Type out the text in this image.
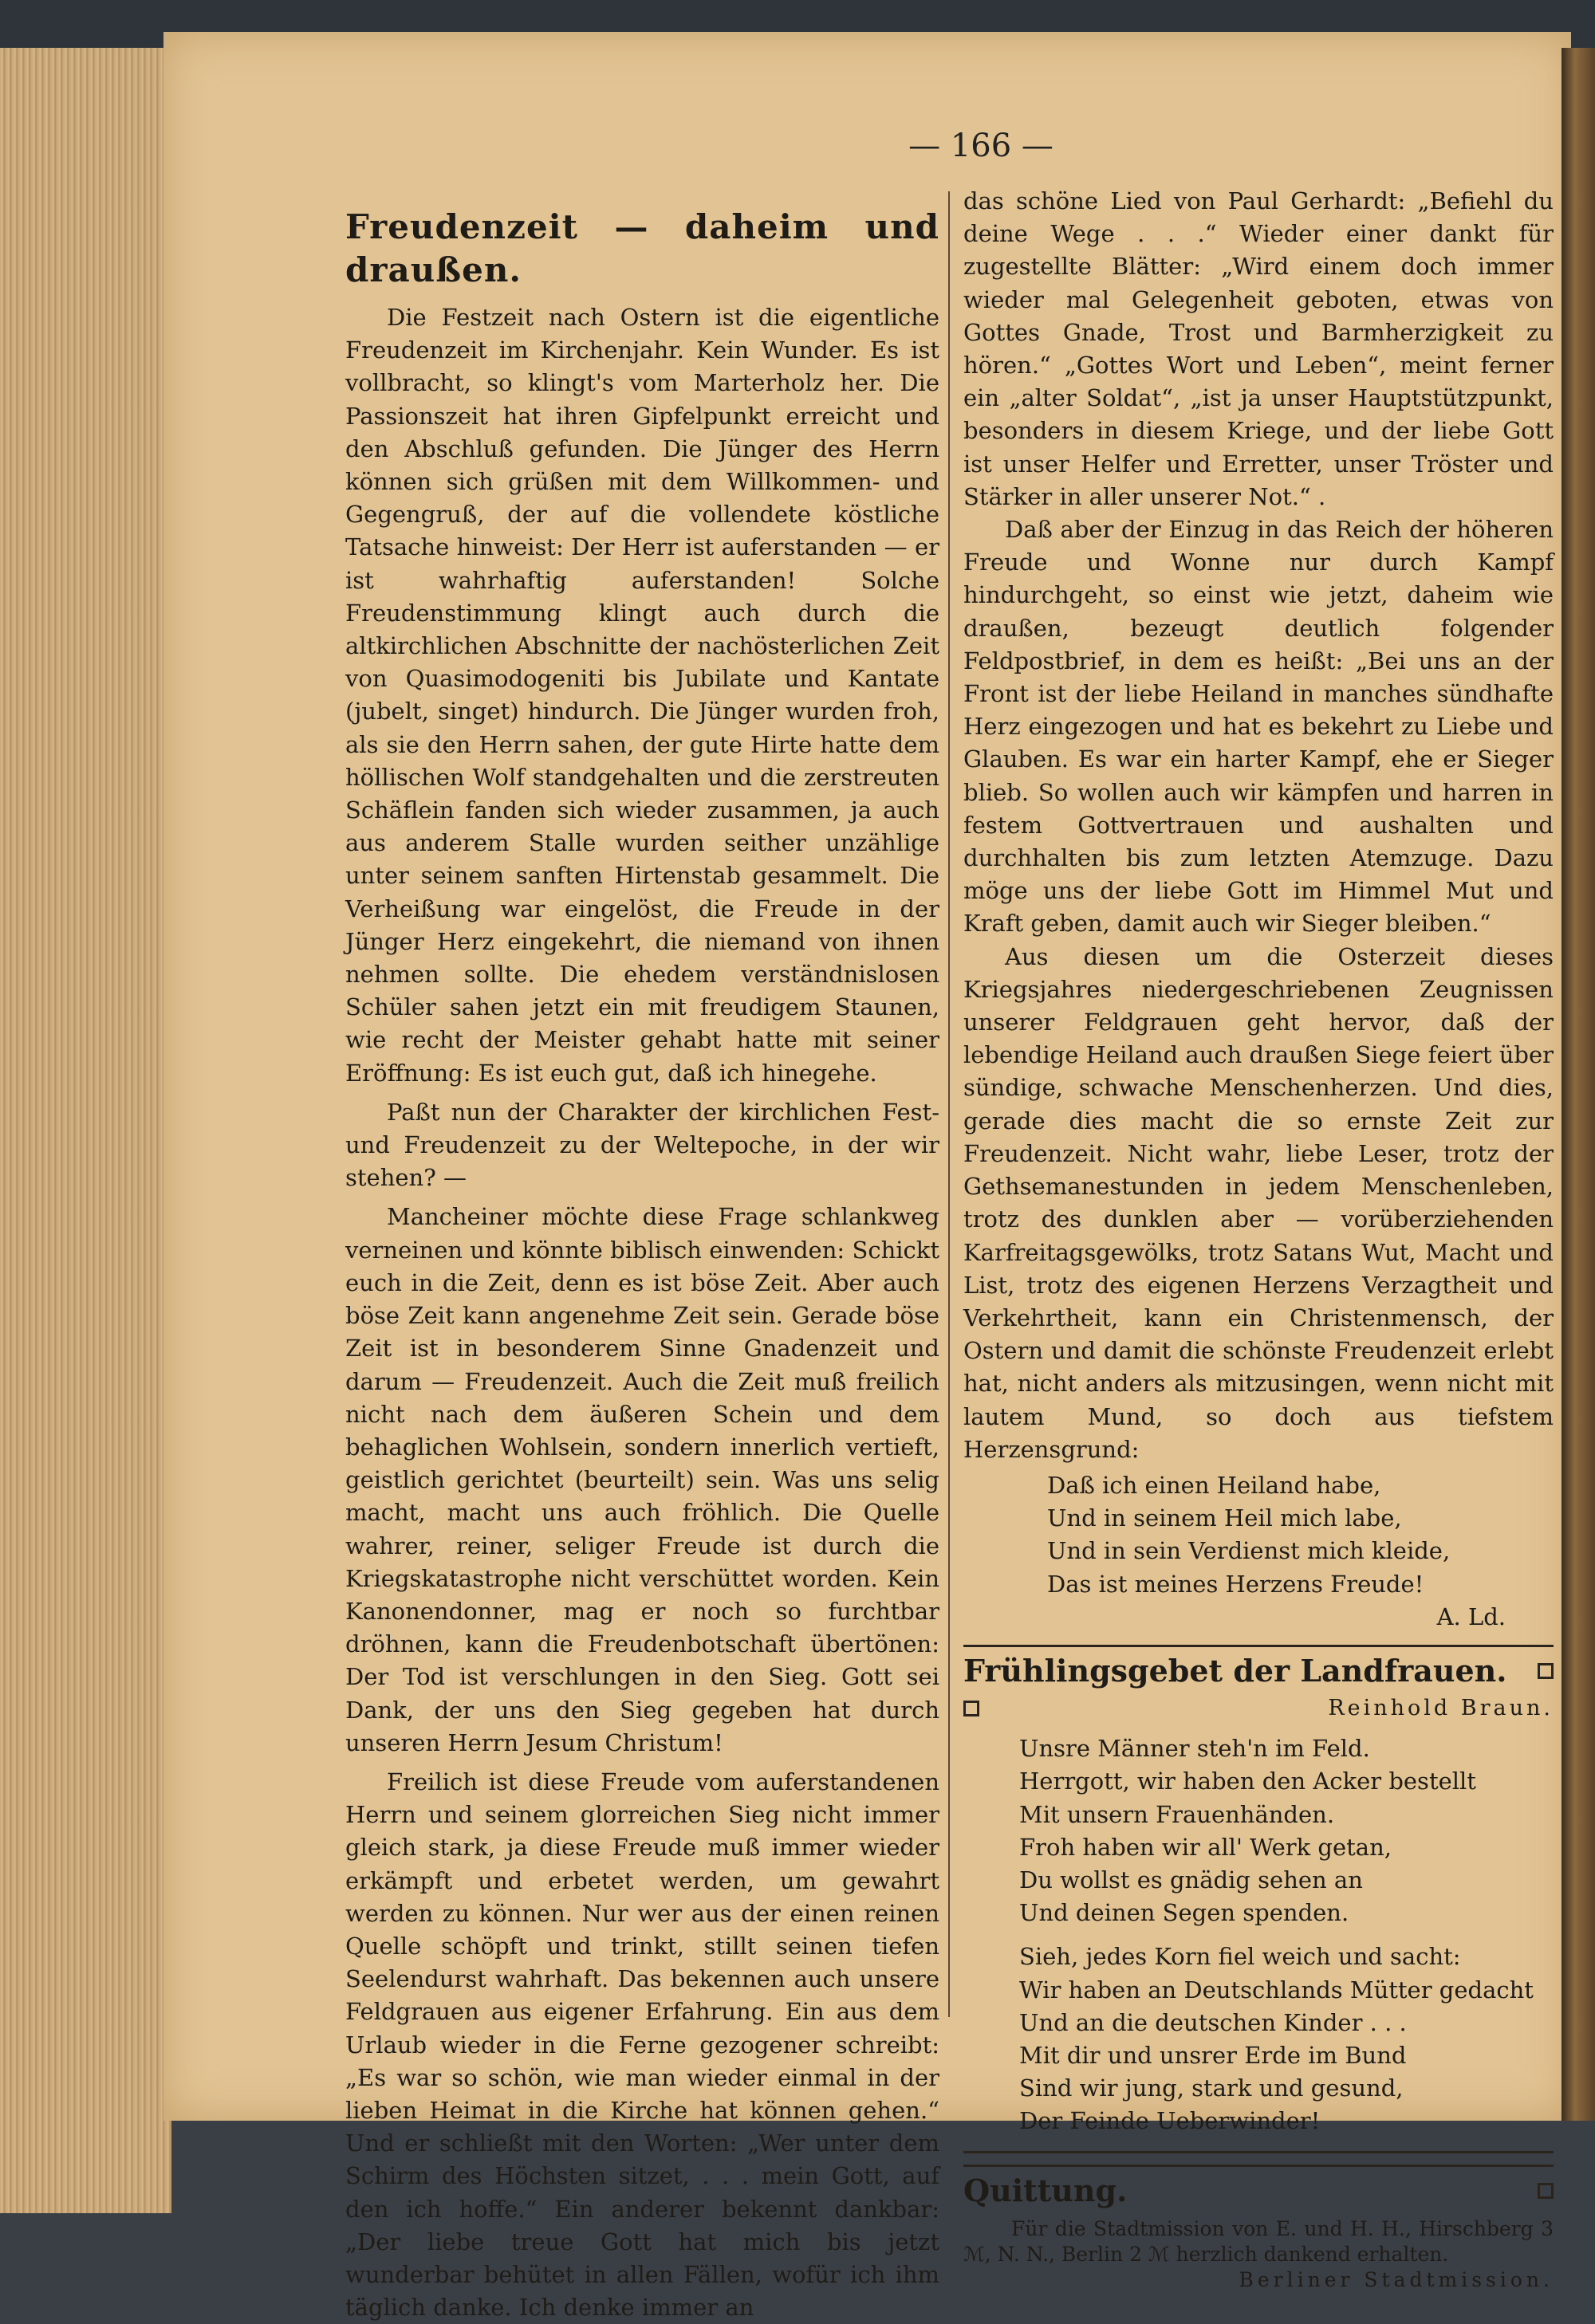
— 166 —
Freudenzeit — daheim und draußen.

Die Festzeit nach Ostern ist die eigentliche Freudenzeit im Kirchenjahr. Kein Wunder. Es ist vollbracht, so klingt's vom Marterholz her. Die Passionszeit hat ihren Gipfelpunkt erreicht und den Abschluß gefunden. Die Jünger des Herrn können sich grüßen mit dem Willkommen- und Gegengruß, der auf die vollendete köstliche Tatsache hinweist: Der Herr ist auferstanden — er ist wahrhaftig auferstanden! Solche Freudenstimmung klingt auch durch die altkirchlichen Abschnitte der nachösterlichen Zeit von Quasimodogeniti bis Jubilate und Kantate (jubelt, singet) hindurch. Die Jünger wurden froh, als sie den Herrn sahen, der gute Hirte hatte dem höllischen Wolf standgehalten und die zerstreuten Schäflein fanden sich wieder zusammen, ja auch aus anderem Stalle wurden seither unzählige unter seinem sanften Hirtenstab gesammelt. Die Verheißung war eingelöst, die Freude in der Jünger Herz eingekehrt, die niemand von ihnen nehmen sollte. Die ehedem verständnislosen Schüler sahen jetzt ein mit freudigem Staunen, wie recht der Meister gehabt hatte mit seiner Eröffnung: Es ist euch gut, daß ich hinegehe.

Paßt nun der Charakter der kirchlichen Fest- und Freudenzeit zu der Weltepoche, in der wir stehen? —

Mancheiner möchte diese Frage schlankweg verneinen und könnte biblisch einwenden: Schickt euch in die Zeit, denn es ist böse Zeit. Aber auch böse Zeit kann angenehme Zeit sein. Gerade böse Zeit ist in besonderem Sinne Gnadenzeit und darum — Freudenzeit. Auch die Zeit muß freilich nicht nach dem äußeren Schein und dem behaglichen Wohlsein, sondern innerlich vertieft, geistlich gerichtet (beurteilt) sein. Was uns selig macht, macht uns auch fröhlich. Die Quelle wahrer, reiner, seliger Freude ist durch die Kriegskatastrophe nicht verschüttet worden. Kein Kanonendonner, mag er noch so furchtbar dröhnen, kann die Freudenbotschaft übertönen: Der Tod ist verschlungen in den Sieg. Gott sei Dank, der uns den Sieg gegeben hat durch unseren Herrn Jesum Christum!

Freilich ist diese Freude vom auferstandenen Herrn und seinem glorreichen Sieg nicht immer gleich stark, ja diese Freude muß immer wieder erkämpft und erbetet werden, um gewahrt werden zu können. Nur wer aus der einen reinen Quelle schöpft und trinkt, stillt seinen tiefen Seelendurst wahrhaft. Das bekennen auch unsere Feldgrauen aus eigener Erfahrung. Ein aus dem Urlaub wieder in die Ferne gezogener schreibt: „Es war so schön, wie man wieder einmal in der lieben Heimat in die Kirche hat können gehen.“ Und er schließt mit den Worten: „Wer unter dem Schirm des Höchsten sitzet, . . . mein Gott, auf den ich hoffe.“ Ein anderer bekennt dankbar: „Der liebe treue Gott hat mich bis jetzt wunderbar behütet in allen Fällen, wofür ich ihm täglich danke. Ich denke immer an

das schöne Lied von Paul Gerhardt: „Befiehl du deine Wege . . .“ Wieder einer dankt für zugestellte Blätter: „Wird einem doch immer wieder mal Gelegenheit geboten, etwas von Gottes Gnade, Trost und Barmherzigkeit zu hören.“ „Gottes Wort und Leben“, meint ferner ein „alter Soldat“, „ist ja unser Hauptstützpunkt, besonders in diesem Kriege, und der liebe Gott ist unser Helfer und Erretter, unser Tröster und Stärker in aller unserer Not.“ .

Daß aber der Einzug in das Reich der höheren Freude und Wonne nur durch Kampf hindurchgeht, so einst wie jetzt, daheim wie draußen, bezeugt deutlich folgender Feldpostbrief, in dem es heißt: „Bei uns an der Front ist der liebe Heiland in manches sündhafte Herz eingezogen und hat es bekehrt zu Liebe und Glauben. Es war ein harter Kampf, ehe er Sieger blieb. So wollen auch wir kämpfen und harren in festem Gottvertrauen und aushalten und durchhalten bis zum letzten Atemzuge. Dazu möge uns der liebe Gott im Himmel Mut und Kraft geben, damit auch wir Sieger bleiben.“

Aus diesen um die Osterzeit dieses Kriegsjahres niedergeschriebenen Zeugnissen unserer Feldgrauen geht hervor, daß der lebendige Heiland auch draußen Siege feiert über sündige, schwache Menschenherzen. Und dies, gerade dies macht die so ernste Zeit zur Freudenzeit. Nicht wahr, liebe Leser, trotz der Gethsemanestunden in jedem Menschenleben, trotz des dunklen aber — vorüberziehenden Karfreitagsgewölks, trotz Satans Wut, Macht und List, trotz des eigenen Herzens Verzagtheit und Verkehrtheit, kann ein Christenmensch, der Ostern und damit die schönste Freudenzeit erlebt hat, nicht anders als mitzusingen, wenn nicht mit lautem Mund, so doch aus tiefstem Herzensgrund:

Daß ich einen Heiland habe,
Und in seinem Heil mich labe,
Und in sein Verdienst mich kleide,
Das ist meines Herzens Freude!
A. Ld.
Frühlingsgebet der Landfrauen.
Reinhold Braun.
Unsre Männer steh'n im Feld.
Herrgott, wir haben den Acker bestellt
Mit unsern Frauenhänden.
Froh haben wir all' Werk getan,
Du wollst es gnädig sehen an
Und deinen Segen spenden.
Sieh, jedes Korn fiel weich und sacht:
Wir haben an Deutschlands Mütter gedacht
Und an die deutschen Kinder . . .
Mit dir und unsrer Erde im Bund
Sind wir jung, stark und gesund,
Der Feinde Ueberwinder!
Quittung.

Für die Stadtmission von E. und H. H., Hirschberg 3 ℳ, N. N., Berlin 2 ℳ herzlich dankend erhalten.

Berliner Stadtmission.
